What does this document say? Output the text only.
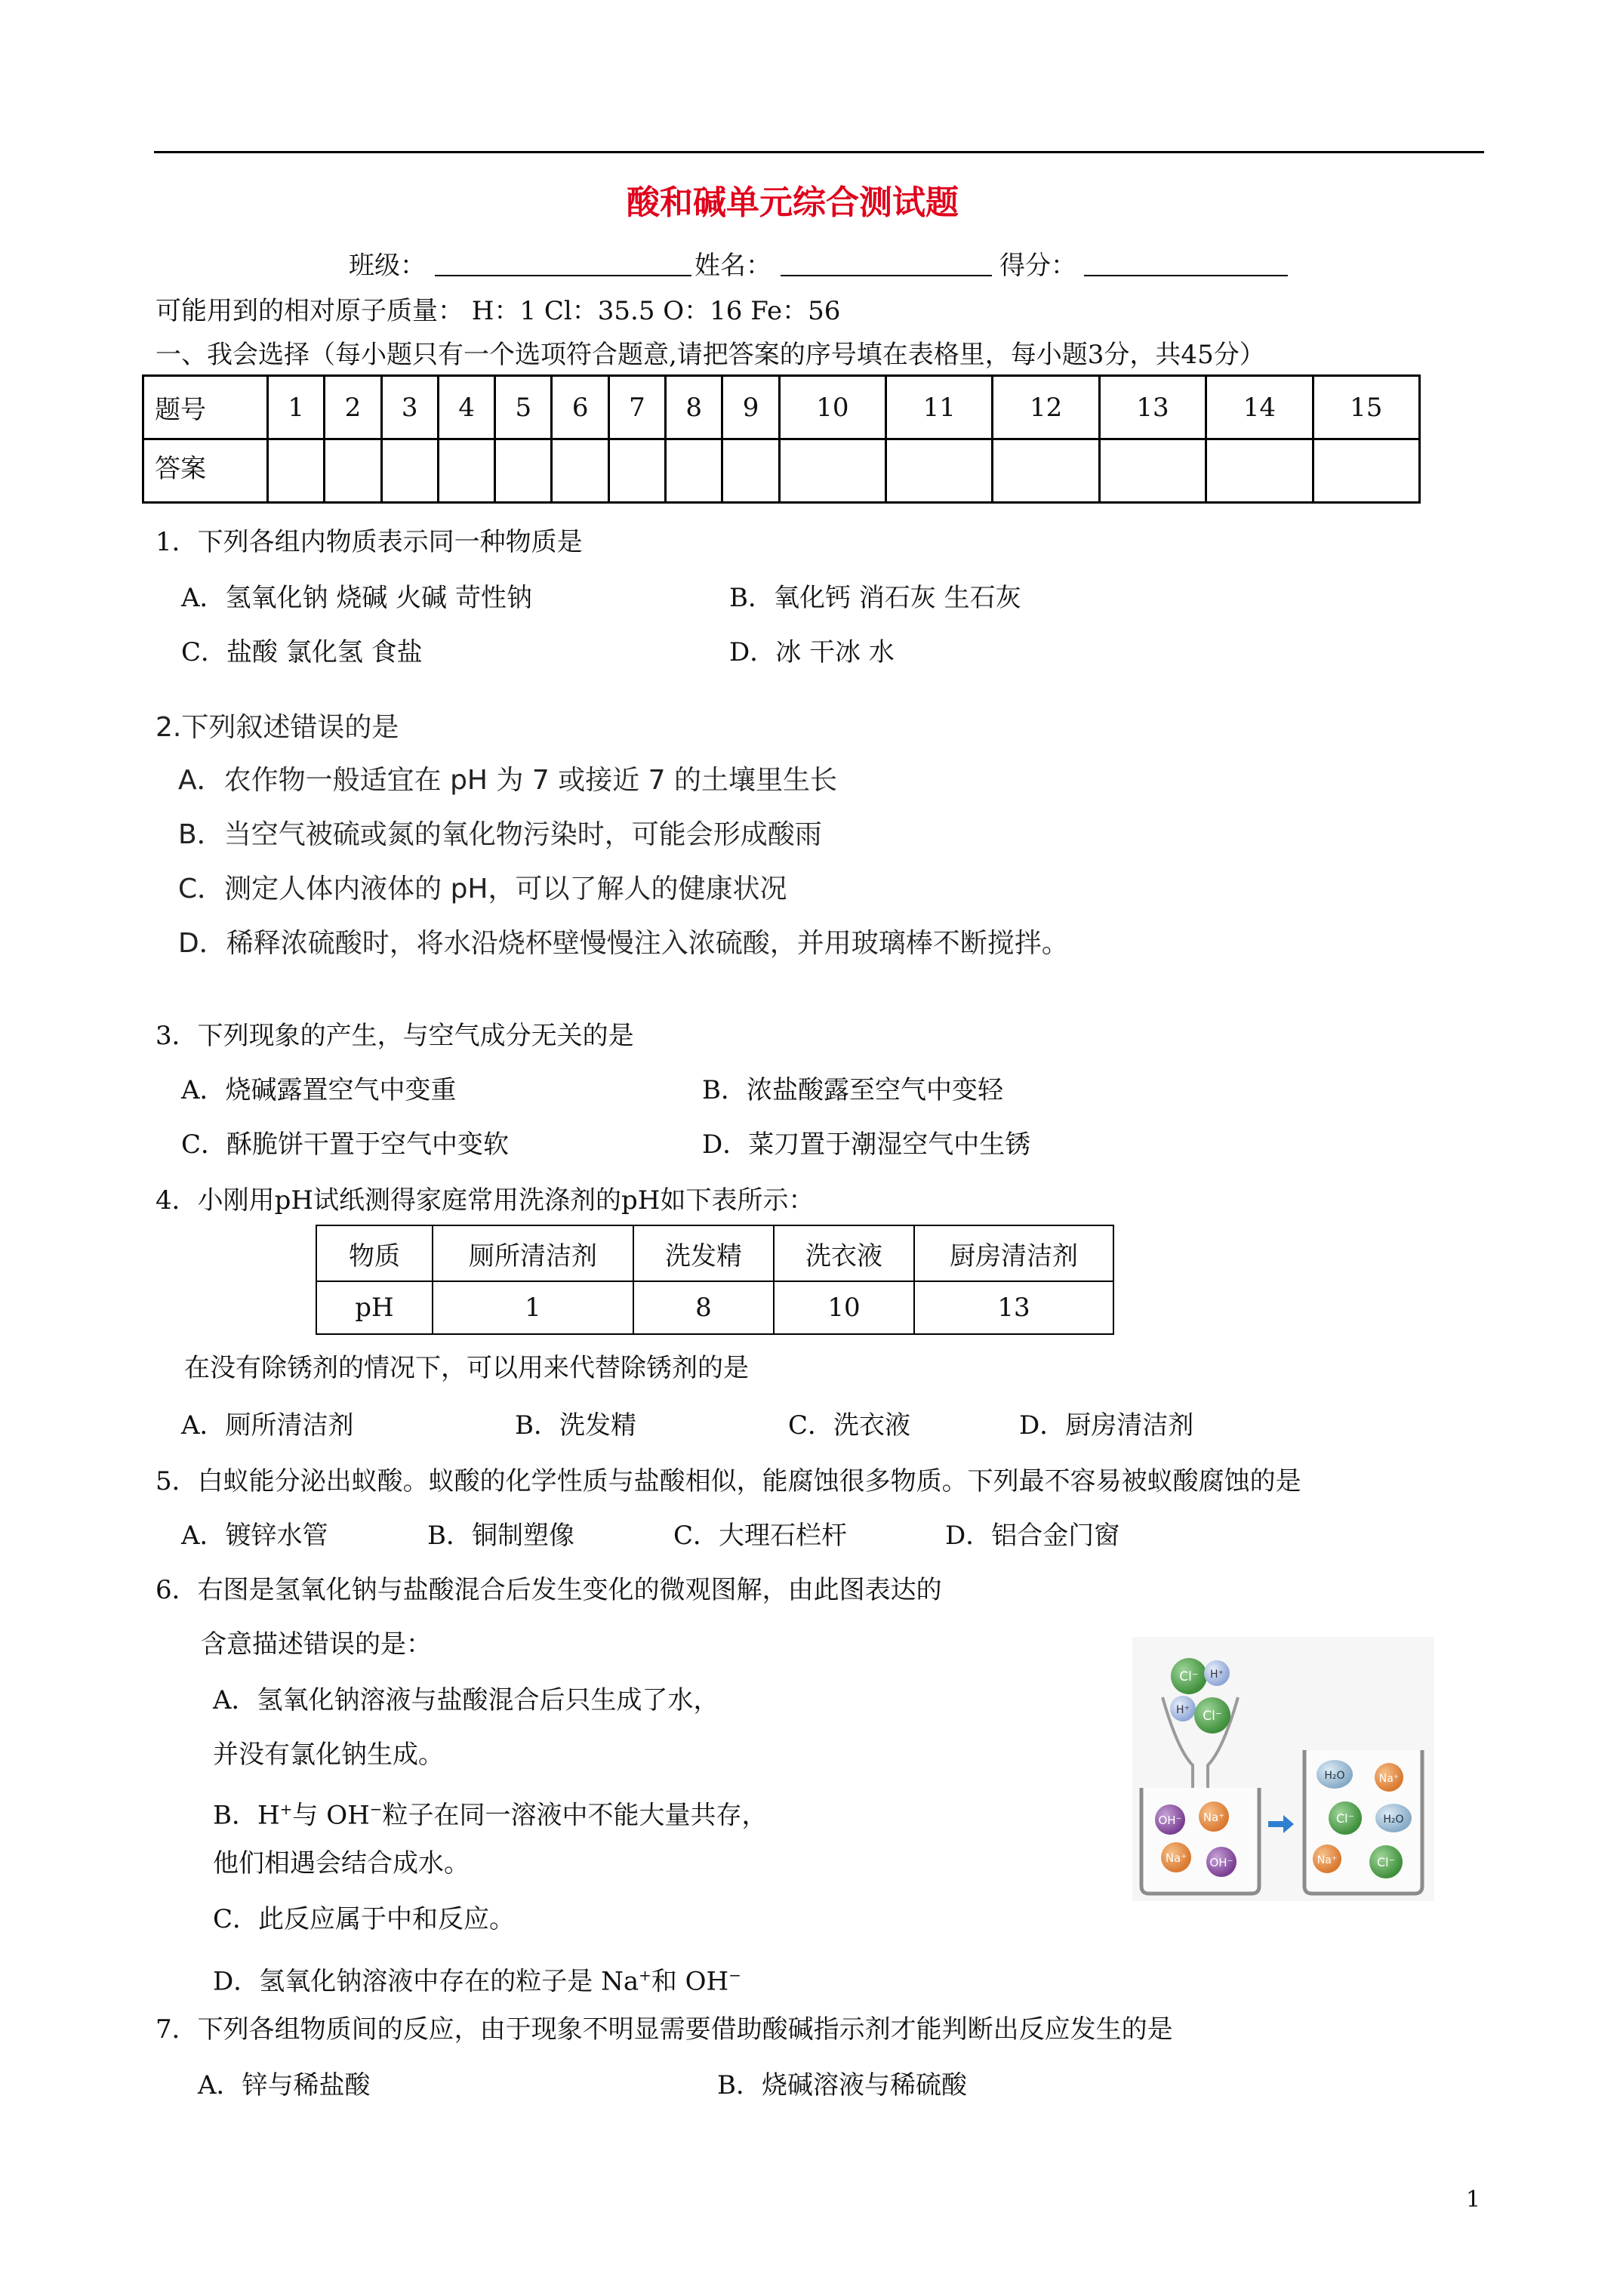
酸和碱单元综合测试题
班级：	姓名：	得分：
可能用到的相对原子质量： H：1 Cl：35.5 O：16 Fe：56
一、我会选择（每小题只有一个选项符合题意,请把答案的序号填在表格里，每小题3分，共45分）
题号	1	2	3	4	5	6	7	8	9	10	11	12	13	14	15
答案															
1．下列各组内物质表示同一种物质是
A．氢氧化钠 烧碱 火碱 苛性钠	B．氧化钙 消石灰 生石灰
C．盐酸 氯化氢 食盐	D．冰 干冰 水
2.下列叙述错误的是
A．农作物一般适宜在 pH 为 7 或接近 7 的土壤里生长
B．当空气被硫或氮的氧化物污染时，可能会形成酸雨
C．测定人体内液体的 pH，可以了解人的健康状况
D．稀释浓硫酸时，将水沿烧杯壁慢慢注入浓硫酸，并用玻璃棒不断搅拌。
3．下列现象的产生，与空气成分无关的是
A．烧碱露置空气中变重	B．浓盐酸露至空气中变轻
C．酥脆饼干置于空气中变软	D．菜刀置于潮湿空气中生锈
4．小刚用pH试纸测得家庭常用洗涤剂的pH如下表所示：
物质	厕所清洁剂	洗发精	洗衣液	厨房清洁剂
pH	1	8	10	13
在没有除锈剂的情况下，可以用来代替除锈剂的是
A．厕所清洁剂	B．洗发精	C．洗衣液	D．厨房清洁剂
5．白蚁能分泌出蚁酸。蚁酸的化学性质与盐酸相似，能腐蚀很多物质。下列最不容易被蚁酸腐蚀的是
A．镀锌水管	B．铜制塑像	C．大理石栏杆	D．铝合金门窗
6．右图是氢氧化钠与盐酸混合后发生变化的微观图解，由此图表达的
含意描述错误的是：
A．氢氧化钠溶液与盐酸混合后只生成了水，
并没有氯化钠生成。
B．H+与 OH−粒子在同一溶液中不能大量共存，
他们相遇会结合成水。
C．此反应属于中和反应。
D．氢氧化钠溶液中存在的粒子是 Na+和 OH−
Cl⁻ H⁺
H⁺ Cl⁻
OH⁻ Na⁺
Na⁺ OH⁻
H₂O	Na⁺
Cl⁻	H₂O
Na⁺	Cl⁻
7．下列各组物质间的反应，由于现象不明显需要借助酸碱指示剂才能判断出反应发生的是
A．锌与稀盐酸	B．烧碱溶液与稀硫酸
1
